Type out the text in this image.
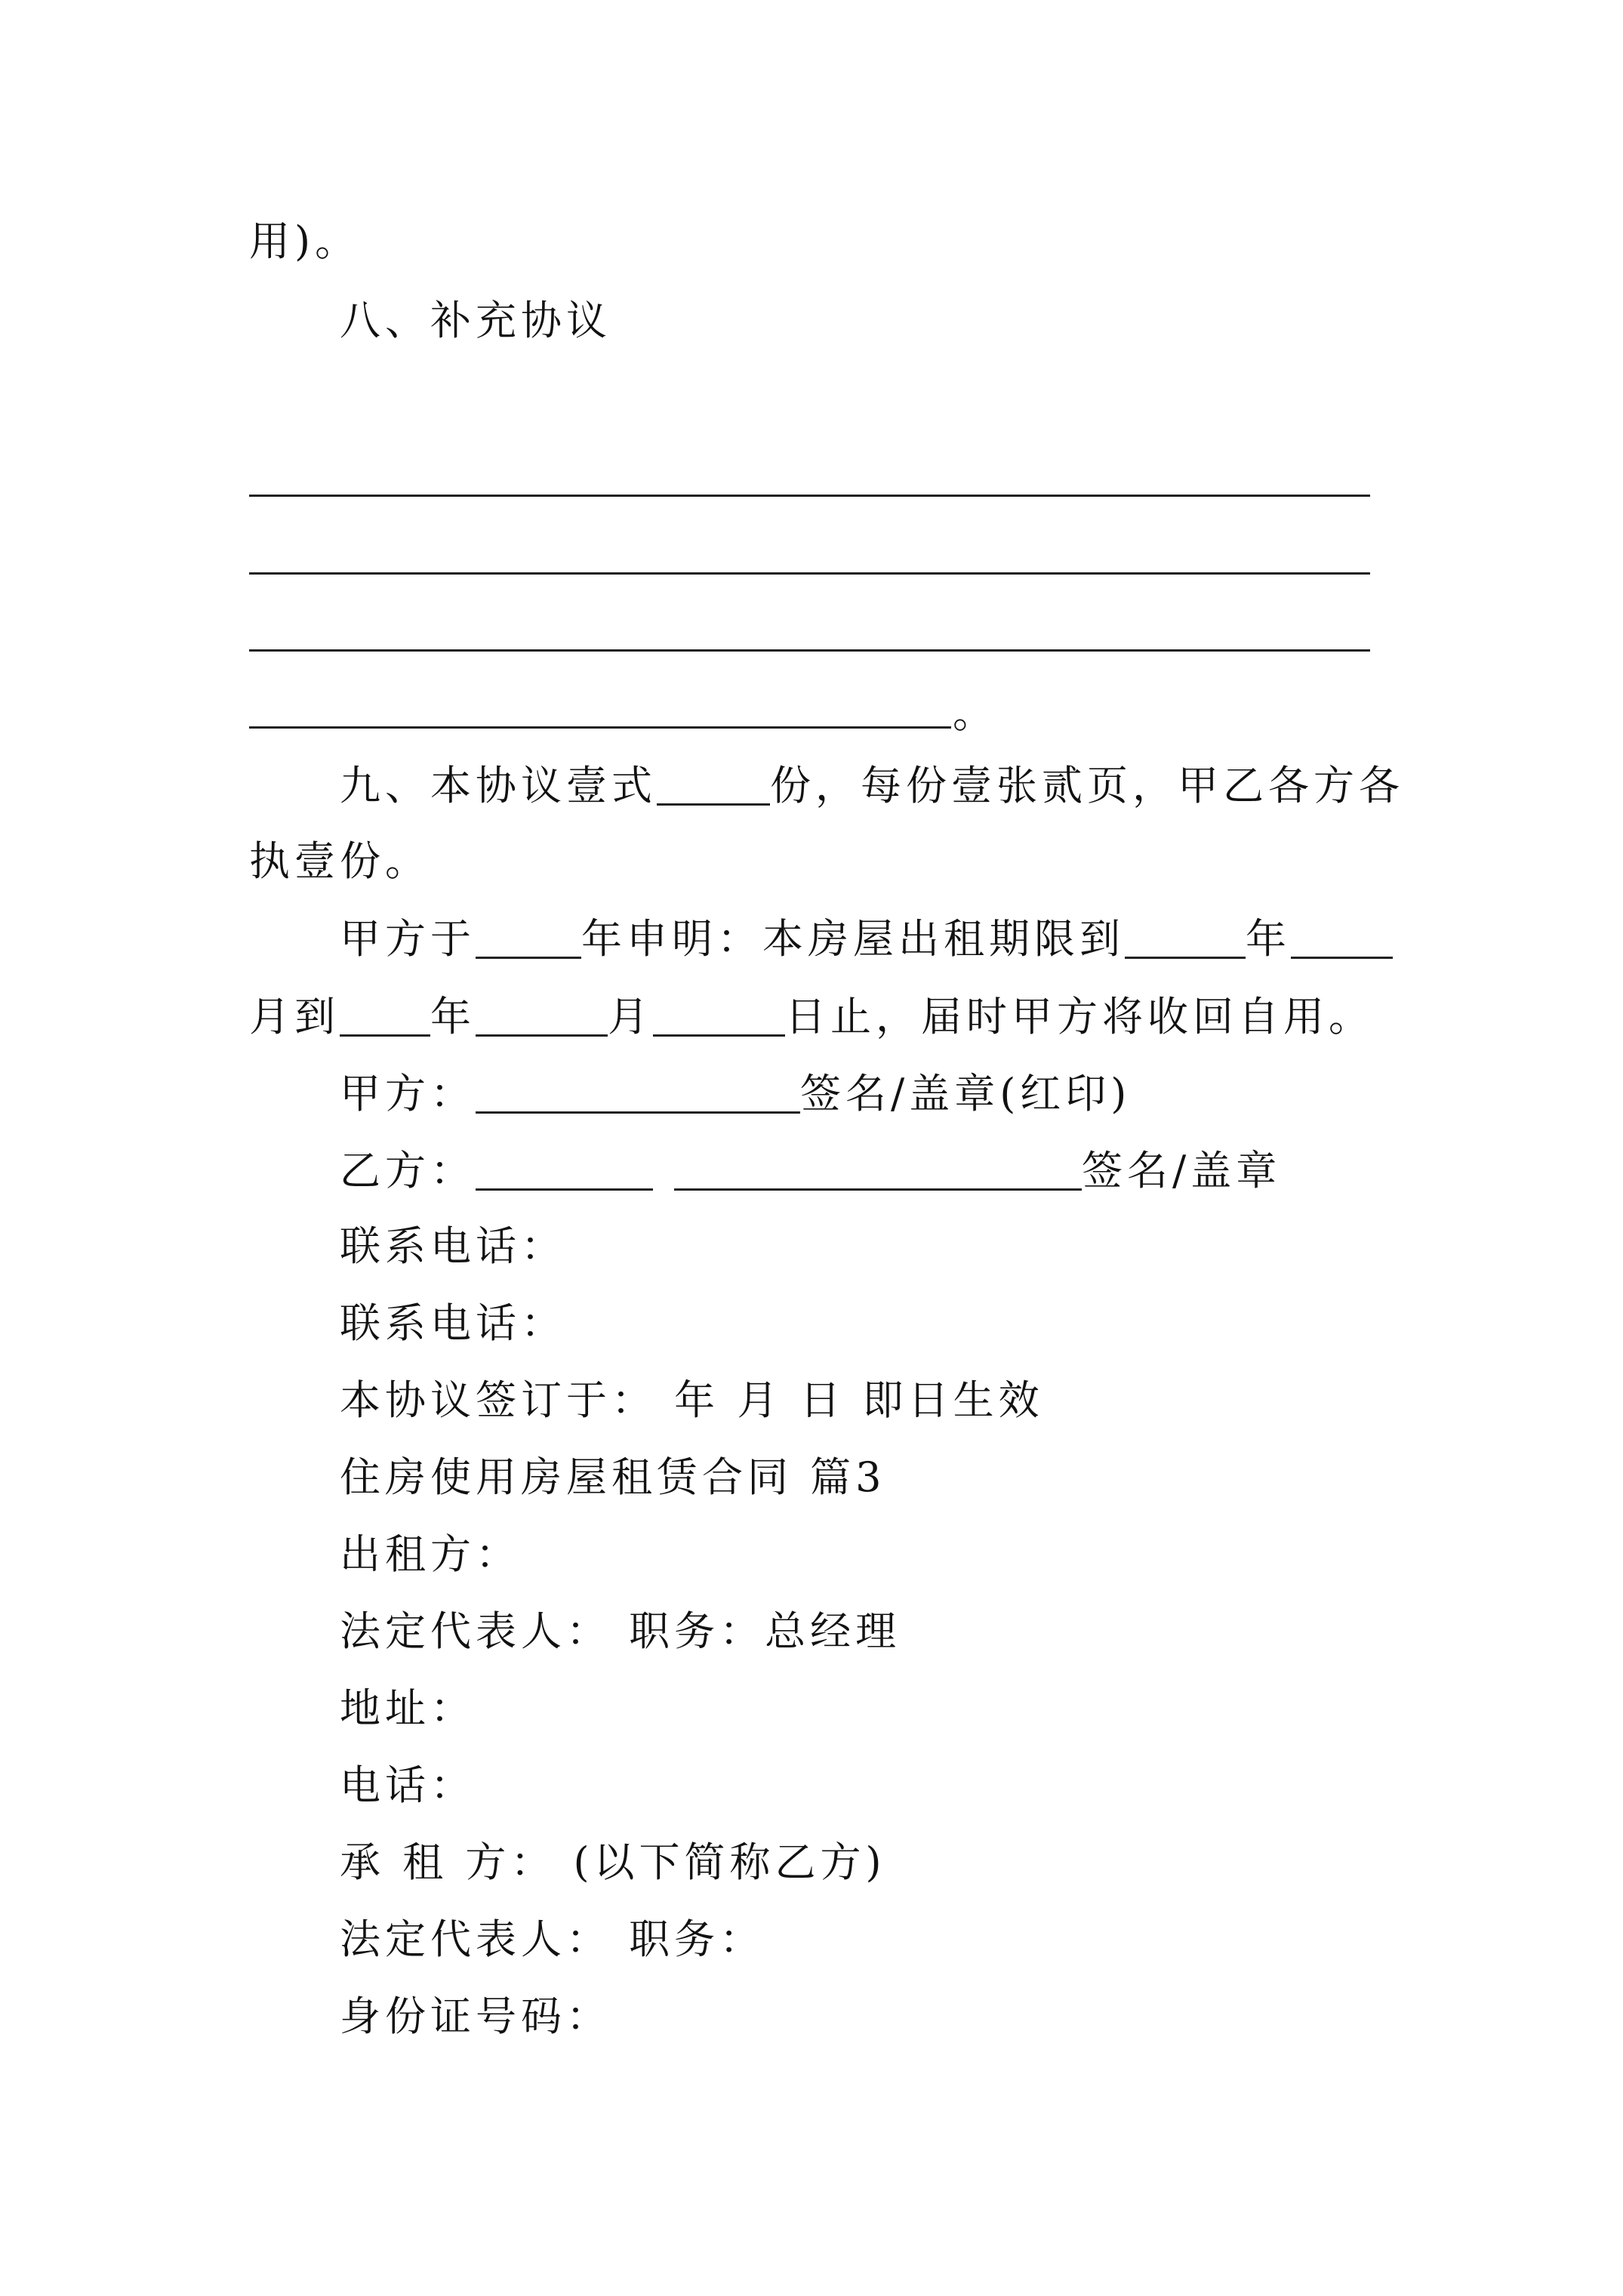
用)。
八、补充协议
。
九、本协议壹式	份，每份壹张贰页，甲乙各方各
执壹份。
甲方于	年申明：本房屋出租期限到	年
月到 年	月	日止，届时甲方将收回自用。
甲方：	签名/盖章(红印)
乙方：	签名/盖章
联系电话：
联系电话：
本协议签订于： 年 月 日 即日生效
住房使用房屋租赁合同 篇3
出租方：
法定代表人： 职务：总经理
地址：
电话：
承 租 方： (以下简称乙方)
法定代表人： 职务：
身份证号码：
